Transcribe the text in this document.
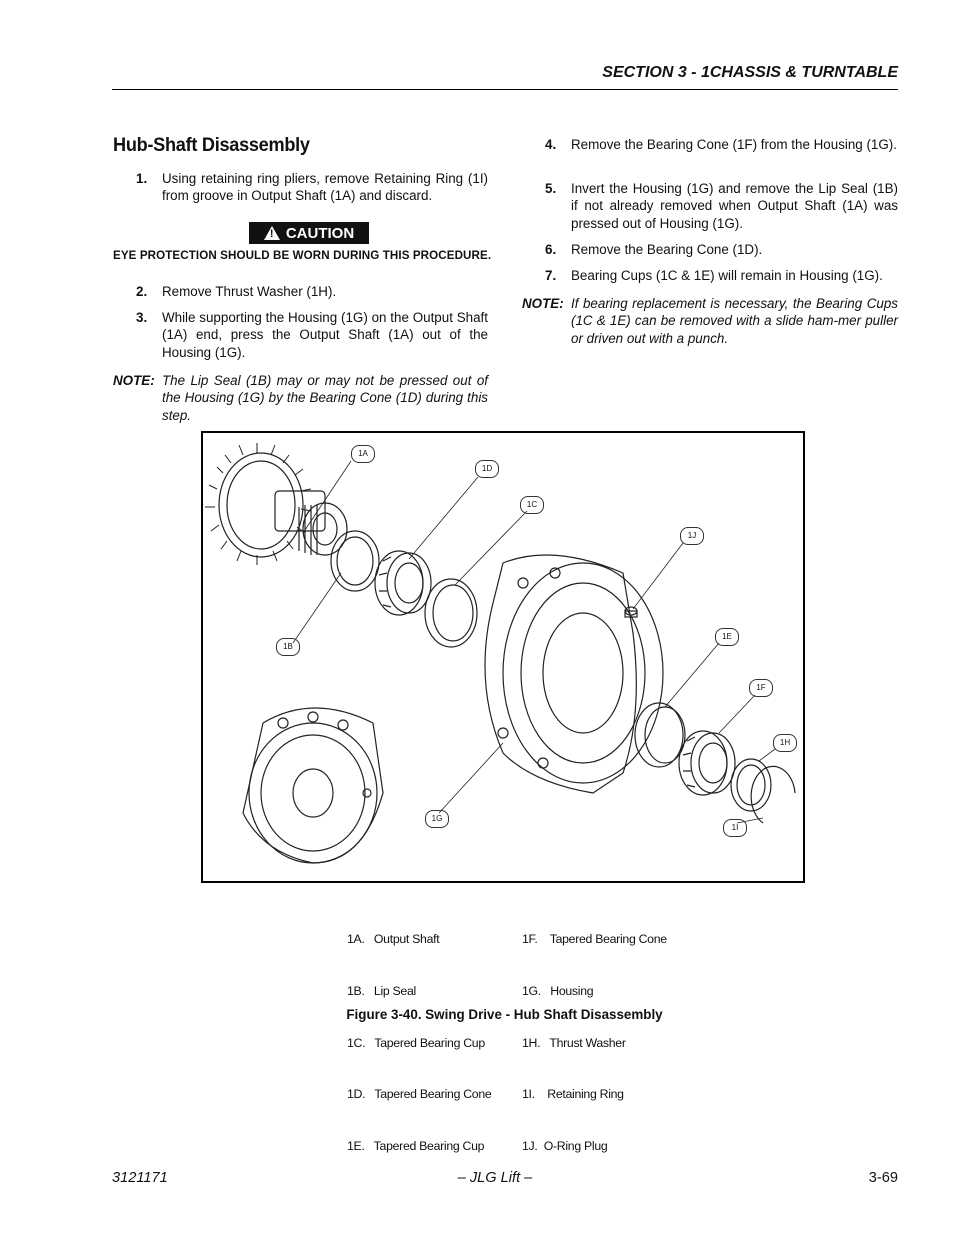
SECTION 3 - 1CHASSIS & TURNTABLE
Hub-Shaft Disassembly
1. Using retaining ring pliers, remove Retaining Ring (1I) from groove in Output Shaft (1A) and discard.
! CAUTION
EYE PROTECTION SHOULD BE WORN DURING THIS PROCEDURE.
2. Remove Thrust Washer (1H).
3. While supporting the Housing (1G) on the Output Shaft (1A) end, press the Output Shaft (1A) out of the Housing (1G).
NOTE: The Lip Seal (1B) may or may not be pressed out of the Housing (1G) by the Bearing Cone (1D) during this step.
4. Remove the Bearing Cone (1F) from the Housing (1G).
5. Invert the Housing (1G) and remove the Lip Seal (1B) if not already removed when Output Shaft (1A) was pressed out of Housing (1G).
6. Remove the Bearing Cone (1D).
7. Bearing Cups (1C & 1E) will remain in Housing (1G).
NOTE: If bearing replacement is necessary, the Bearing Cups (1C & 1E) can be removed with a slide ham-mer puller or driven out with a punch.
1A
1D
1C
1J
1B
1E
1F
1H
1G
1I

1A.   Output Shaft

1B.   Lip Seal

1C.   Tapered Bearing Cup

1D.   Tapered Bearing Cone

1E.   Tapered Bearing Cup

1F.    Tapered Bearing Cone

1G.   Housing

1H.   Thrust Washer

1I.    Retaining Ring

1J.  O-Ring Plug

Figure 3-40. Swing Drive - Hub Shaft Disassembly
3121171	– JLG Lift –	3-69
